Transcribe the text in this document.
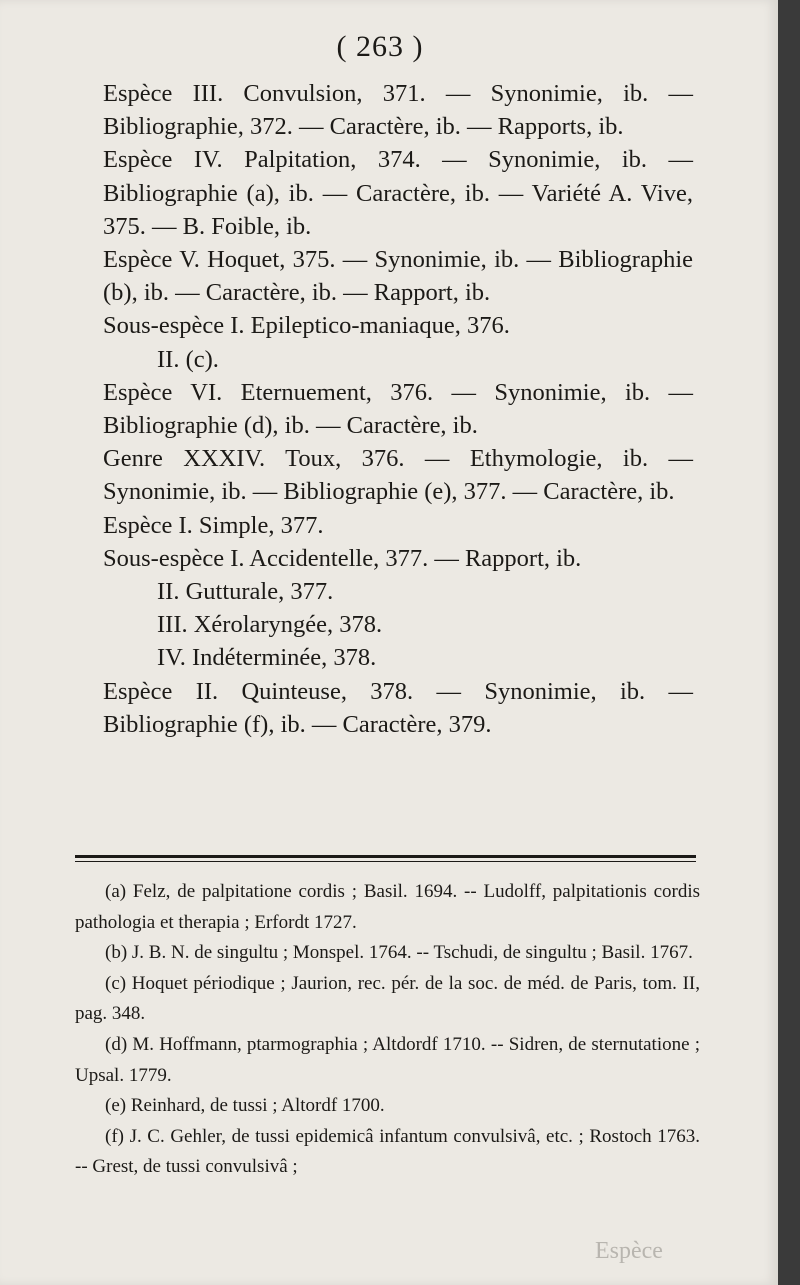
( 263 )

Espèce III. Convulsion, 371. — Synonimie, ib. — Bibliographie, 372. — Caractère, ib. — Rapports, ib.

Espèce IV. Palpitation, 374. — Synonimie, ib. — Bibliographie (a), ib. — Caractère, ib. — Variété A. Vive, 375. — B. Foible, ib.

Espèce V. Hoquet, 375. — Synonimie, ib. — Bibliographie (b), ib. — Caractère, ib. — Rapport, ib.

Sous-espèce I. Epileptico-maniaque, 376.

II. (c).

Espèce VI. Eternuement, 376. — Synonimie, ib. — Bibliographie (d), ib. — Caractère, ib.

Genre XXXIV. Toux, 376. — Ethymologie, ib. — Synonimie, ib. — Bibliographie (e), 377. — Caractère, ib.

Espèce I. Simple, 377.

Sous-espèce I. Accidentelle, 377. — Rapport, ib.

II. Gutturale, 377.

III. Xérolaryngée, 378.

IV. Indéterminée, 378.

Espèce II. Quinteuse, 378. — Synonimie, ib. — Bibliographie (f), ib. — Caractère, 379.

(a) Felz, de palpitatione cordis ; Basil. 1694. -- Ludolff, palpitationis cordis pathologia et therapia ; Erfordt 1727.

(b) J. B. N. de singultu ; Monspel. 1764. -- Tschudi, de singultu ; Basil. 1767.

(c) Hoquet périodique ; Jaurion, rec. pér. de la soc. de méd. de Paris, tom. II, pag. 348.

(d) M. Hoffmann, ptarmographia ; Altdordf 1710. -- Sidren, de sternutatione ; Upsal. 1779.

(e) Reinhard, de tussi ; Altordf 1700.

(f) J. C. Gehler, de tussi epidemicâ infantum convulsivâ, etc. ; Rostoch 1763. -- Grest, de tussi convulsivâ ;

Espèce
